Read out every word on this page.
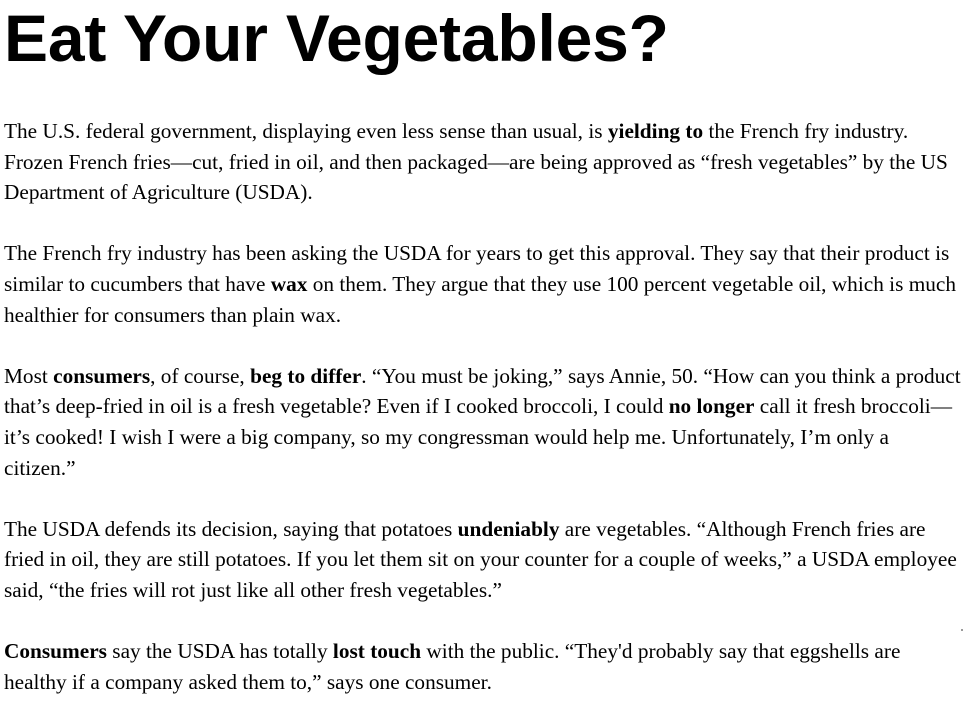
Eat Your Vegetables?

The U.S. federal government, displaying even less sense than usual, is yielding to the French fry industry. Frozen French fries—cut, fried in oil, and then packaged—are being approved as “fresh vegetables” by the US Department of Agriculture (USDA).

The French fry industry has been asking the USDA for years to get this approval. They say that their product is similar to cucumbers that have wax on them. They argue that they use 100 percent vegetable oil, which is much healthier for consumers than plain wax.

Most consumers, of course, beg to differ. “You must be joking,” says Annie, 50. “How can you think a product that’s deep-fried in oil is a fresh vegetable? Even if I cooked broccoli, I could no longer call it fresh broccoli—it’s cooked! I wish I were a big company, so my congressman would help me. Unfortunately, I’m only a citizen.”

The USDA defends its decision, saying that potatoes undeniably are vegetables. “Although French fries are fried in oil, they are still potatoes. If you let them sit on your counter for a couple of weeks,” a USDA employee said, “the fries will rot just like all other fresh vegetables.”

Consumers say the USDA has totally lost touch with the public. “They'd probably say that eggshells are healthy if a company asked them to,” says one consumer.
